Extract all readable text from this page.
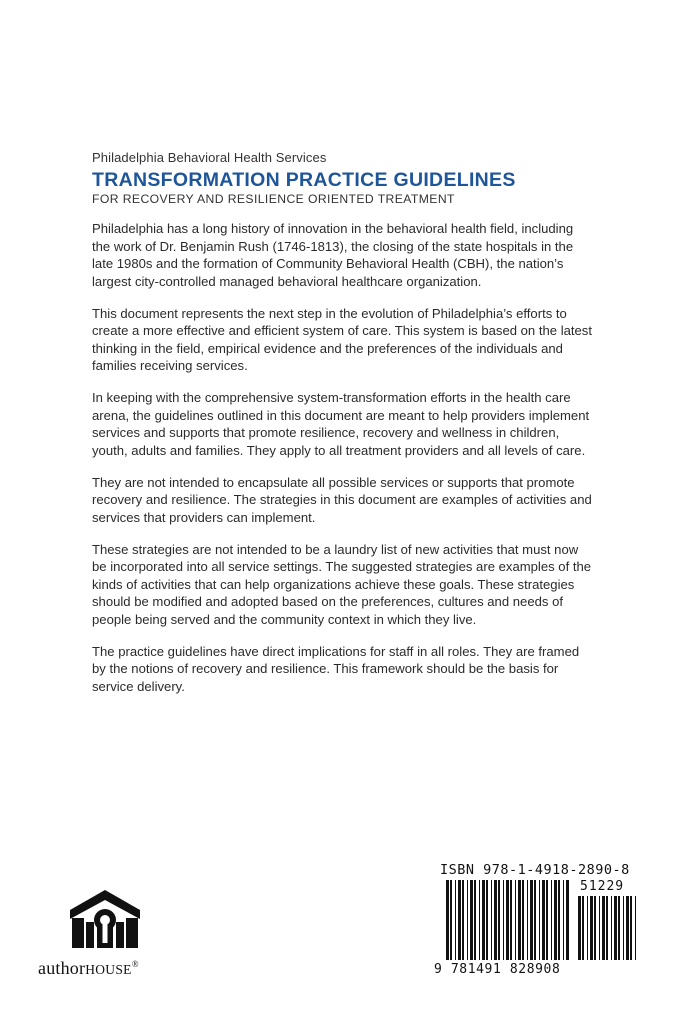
Philadelphia Behavioral Health Services

TRANSFORMATION PRACTICE GUIDELINES

FOR RECOVERY AND RESILIENCE ORIENTED TREATMENT

Philadelphia has a long history of innovation in the behavioral health field, including the work of Dr. Benjamin Rush (1746-1813), the closing of the state hospitals in the late 1980s and the formation of Community Behavioral Health (CBH), the nation’s largest city-controlled managed behavioral healthcare organization.

This document represents the next step in the evolution of Philadelphia’s efforts to create a more effective and efficient system of care. This system is based on the latest thinking in the field, empirical evidence and the preferences of the individuals and families receiving services.

In keeping with the comprehensive system-transformation efforts in the health care arena, the guidelines outlined in this document are meant to help providers implement services and supports that promote resilience, recovery and wellness in children, youth, adults and families. They apply to all treatment providers and all levels of care.

They are not intended to encapsulate all possible services or supports that promote recovery and resilience. The strategies in this document are examples of activities and services that providers can implement.

These strategies are not intended to be a laundry list of new activities that must now be incorporated into all service settings. The suggested strategies are examples of the kinds of activities that can help organizations achieve these goals. These strategies should be modified and adopted based on the preferences, cultures and needs of people being served and the community context in which they live.

The practice guidelines have direct implications for staff in all roles. They are framed by the notions of recovery and resilience. This framework should be the basis for service delivery.

authorHOUSE®
ISBN 978-1-4918-2890-8
51229
9 781491 828908
